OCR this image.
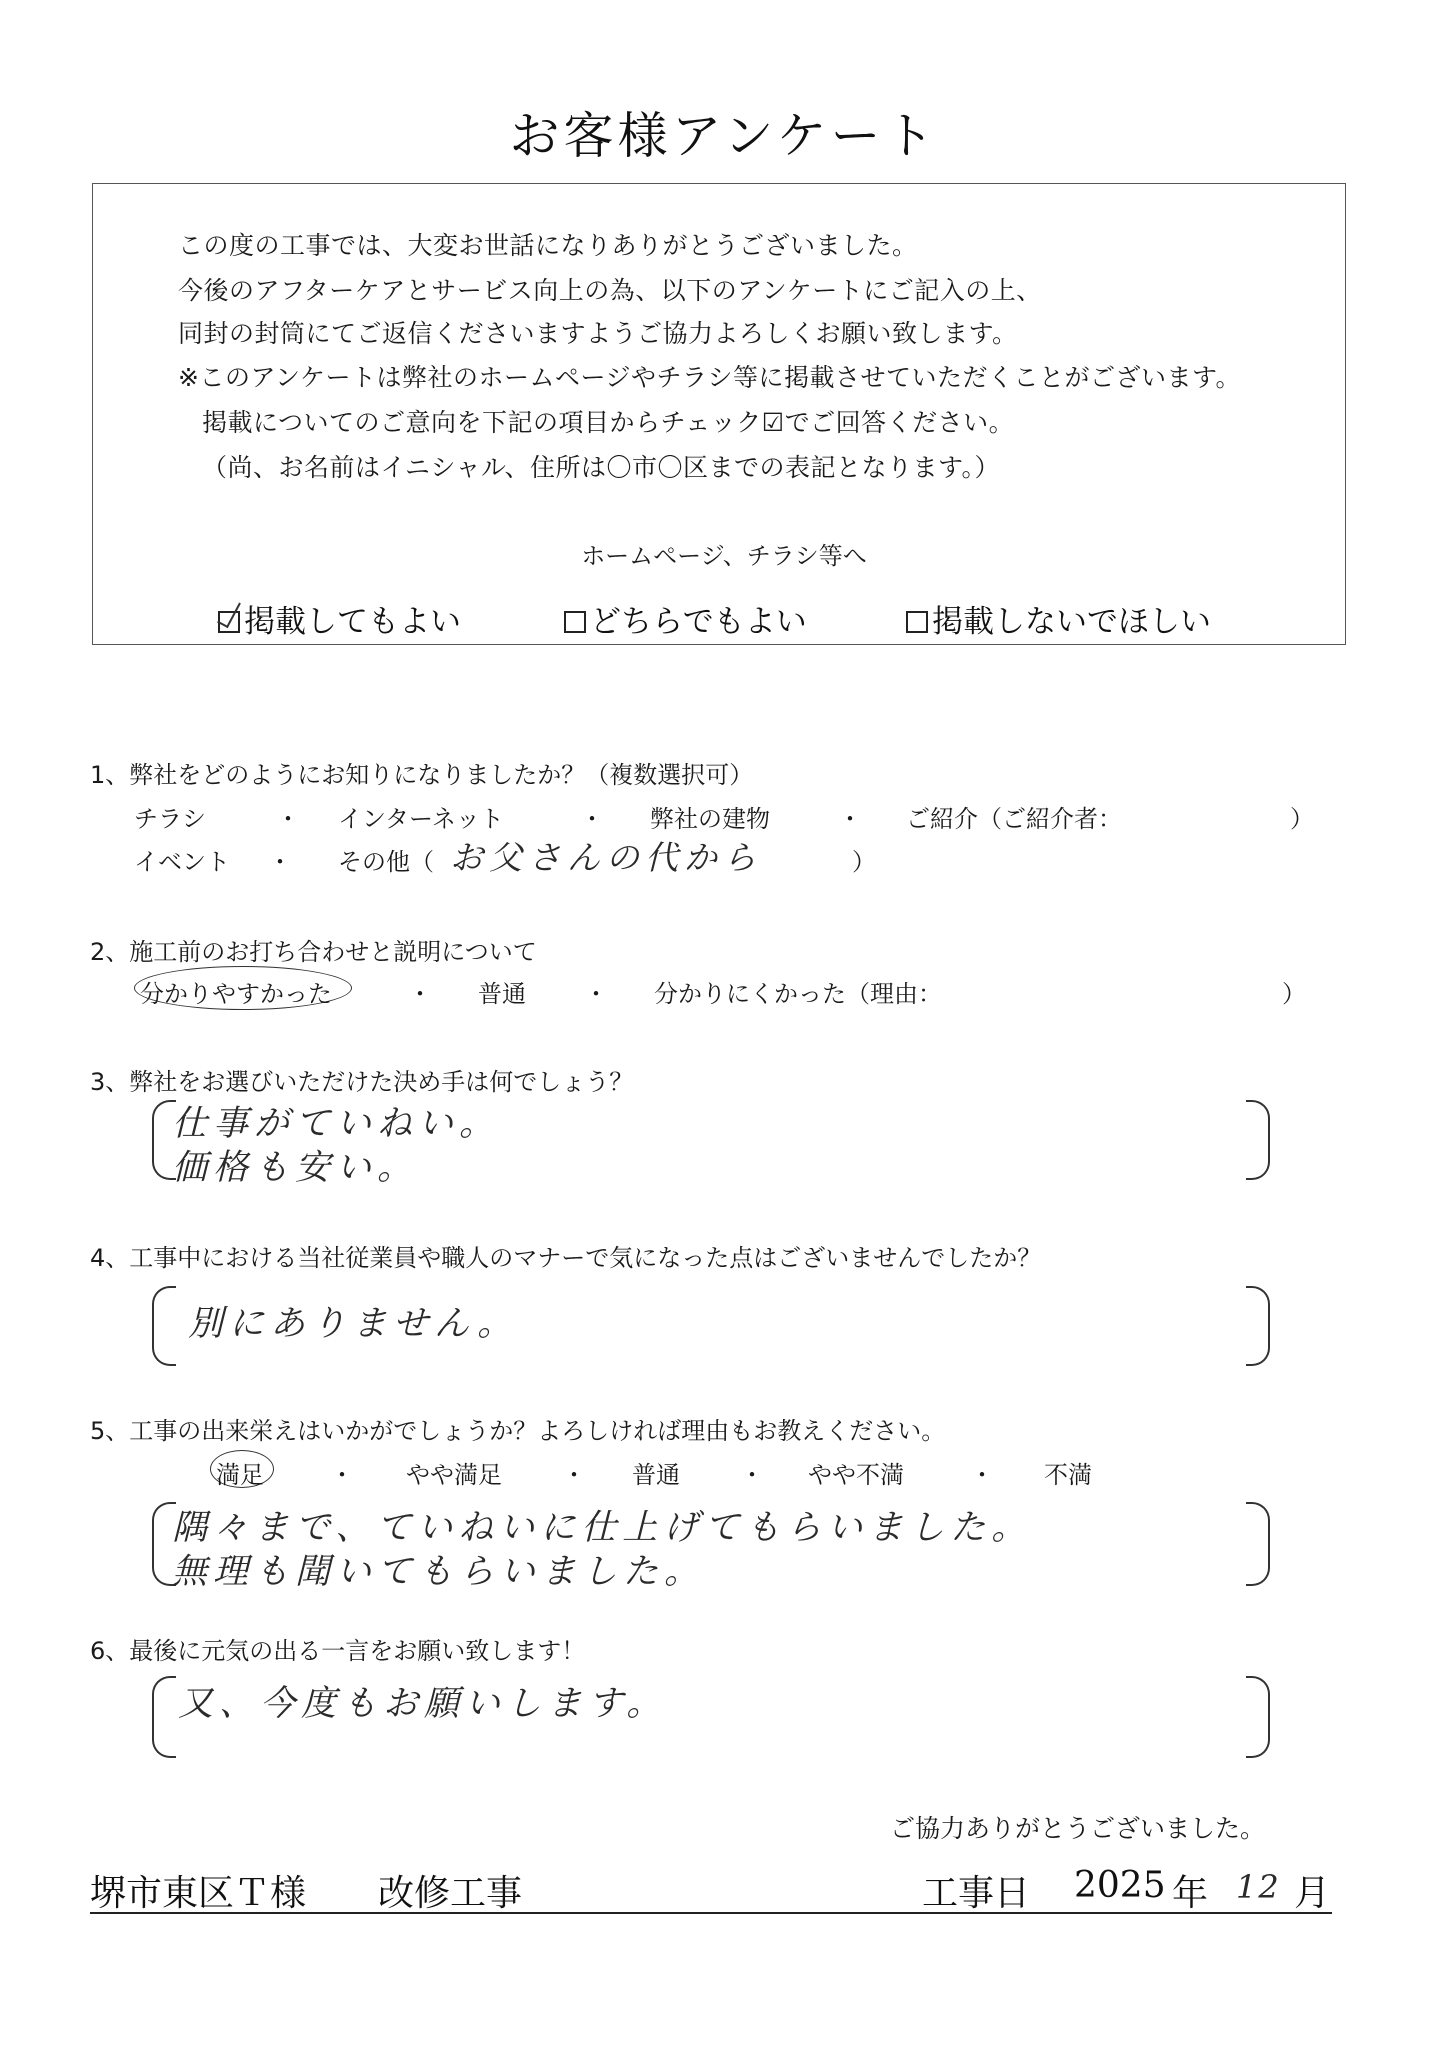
お客様アンケート
この度の工事では、大変お世話になりありがとうございました。
今後のアフターケアとサービス向上の為、以下のアンケートにご記入の上、
同封の封筒にてご返信くださいますようご協力よろしくお願い致します。
※このアンケートは弊社のホームページやチラシ等に掲載させていただくことがございます。
掲載についてのご意向を下記の項目からチェック☑でご回答ください。
（尚、お名前はイニシャル、住所は〇市〇区までの表記となります。）
ホームページ、チラシ等へ
掲載してもよい	どちらでもよい	掲載しないでほしい
1、弊社をどのようにお知りになりましたか？（複数選択可）
チラシ	・ インターネット	・ 弊社の建物	・ ご紹介（ご紹介者：	）
イベント ・ その他（ お父さんの代から	）
2、施工前のお打ち合わせと説明について
分かりやすかった	・ 普通 ・ 分かりにくかった（理由：	）
3、弊社をお選びいただけた決め手は何でしょう？
仕事がていねい。
価格も安い。
4、工事中における当社従業員や職人のマナーで気になった点はございませんでしたか？
別にありません。
5、工事の出来栄えはいかがでしょうか？よろしければ理由もお教えください。
満足	・ やや満足	・ 普通	・ やや不満	・ 不満
隅々まで、ていねいに仕上げてもらいました。
無理も聞いてもらいました。
6、最後に元気の出る一言をお願い致します！
又、今度もお願いします。
ご協力ありがとうございました。
堺市東区Ｔ様 改修工事	工事日 2025 年 12 月
